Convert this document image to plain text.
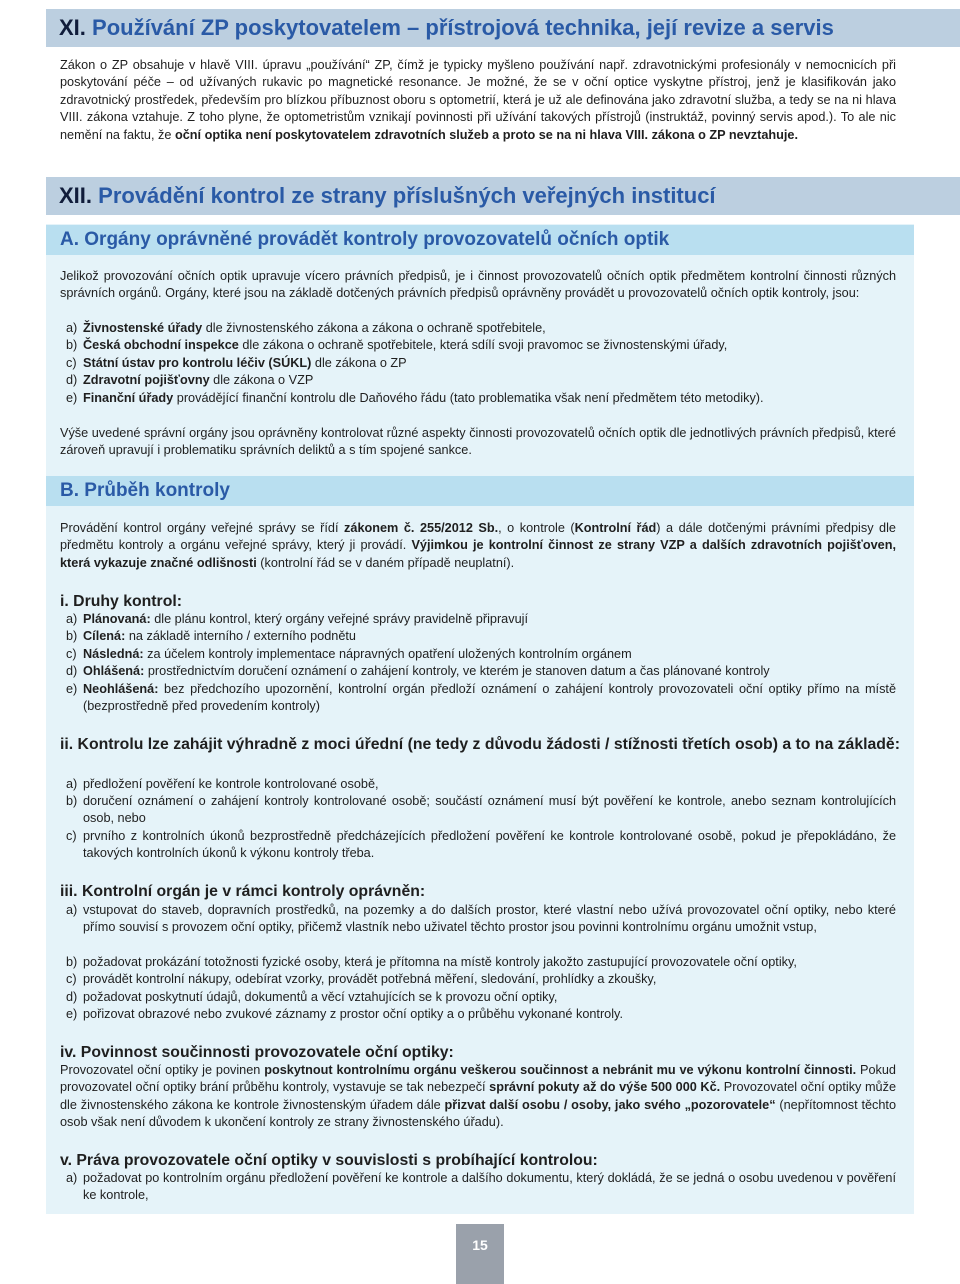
XI. Používání ZP poskytovatelem – přístrojová technika, její revize a servis
Zákon o ZP obsahuje v hlavě VIII. úpravu „používání“ ZP, čímž je typicky myšleno používání např. zdravotnickými profesionály v nemocnicích při poskytování péče – od užívaných rukavic po magnetické resonance. Je možné, že se v oční optice vyskytne přístroj, jenž je klasifikován jako zdravotnický prostředek, především pro blízkou příbuznost oboru s optometrií, která je už ale definována jako zdravotní služba, a tedy se na ni hlava VIII. zákona vztahuje. Z toho plyne, že optometristům vznikají povinnosti při užívání takových přístrojů (instruktáž, povinný servis apod.). To ale nic nemění na faktu, že oční optika není poskytovatelem zdravotních služeb a proto se na ni hlava VIII. zákona o ZP nevztahuje.
XII. Provádění kontrol ze strany příslušných veřejných institucí
A. Orgány oprávněné provádět kontroly provozovatelů očních optik
Jelikož provozování očních optik upravuje vícero právních předpisů, je i činnost provozovatelů očních optik předmětem kontrolní činnosti různých správních orgánů. Orgány, které jsou na základě dotčených právních předpisů oprávněny provádět u provozovatelů očních optik kontroly, jsou:
a) Živnostenské úřady dle živnostenského zákona a zákona o ochraně spotřebitele,
b) Česká obchodní inspekce dle zákona o ochraně spotřebitele, která sdílí svoji pravomoc se živnostenskými úřady,
c) Státní ústav pro kontrolu léčiv (SÚKL) dle zákona o ZP
d) Zdravotní pojišťovny dle zákona o VZP
e) Finanční úřady provádějící finanční kontrolu dle Daňového řádu (tato problematika však není předmětem této metodiky).
Výše uvedené správní orgány jsou oprávněny kontrolovat různé aspekty činnosti provozovatelů očních optik dle jednotlivých právních předpisů, které zároveň upravují i problematiku správních deliktů a s tím spojené sankce.
B. Průběh kontroly
Provádění kontrol orgány veřejné správy se řídí zákonem č. 255/2012 Sb., o kontrole (Kontrolní řád) a dále dotčenými právními předpisy dle předmětu kontroly a orgánu veřejné správy, který ji provádí. Výjimkou je kontrolní činnost ze strany VZP a dalších zdravotních pojišťoven, která vykazuje značné odlišnosti (kontrolní řád se v daném případě neuplatní).
i. Druhy kontrol:
a) Plánovaná: dle plánu kontrol, který orgány veřejné správy pravidelně připravují
b) Cílená: na základě interního / externího podnětu
c) Následná: za účelem kontroly implementace nápravných opatření uložených kontrolním orgánem
d) Ohlášená: prostřednictvím doručení oznámení o zahájení kontroly, ve kterém je stanoven datum a čas plánované kontroly
e) Neohlášená: bez předchozího upozornění, kontrolní orgán předloží oznámení o zahájení kontroly provozovateli oční optiky přímo na místě (bezprostředně před provedením kontroly)
ii. Kontrolu lze zahájit výhradně z moci úřední (ne tedy z důvodu žádosti / stížnosti třetích osob) a to na základě:
a) předložení pověření ke kontrole kontrolované osobě,
b) doručení oznámení o zahájení kontroly kontrolované osobě; součástí oznámení musí být pověření ke kontrole, anebo seznam kontrolujících osob, nebo
c) prvního z kontrolních úkonů bezprostředně předcházejících předložení pověření ke kontrole kontrolované osobě, pokud je přepokládáno, že takových kontrolních úkonů k výkonu kontroly třeba.
iii. Kontrolní orgán je v rámci kontroly oprávněn:
a) vstupovat do staveb, dopravních prostředků, na pozemky a do dalších prostor, které vlastní nebo užívá provozovatel oční optiky, nebo které přímo souvisí s provozem oční optiky, přičemž vlastník nebo uživatel těchto prostor jsou povinni kontrolnímu orgánu umožnit vstup,
b) požadovat prokázání totožnosti fyzické osoby, která je přítomna na místě kontroly jakožto zastupující provozovatele oční optiky,
c) provádět kontrolní nákupy, odebírat vzorky, provádět potřebná měření, sledování, prohlídky a zkoušky,
d) požadovat poskytnutí údajů, dokumentů a věcí vztahujících se k provozu oční optiky,
e) pořizovat obrazové nebo zvukové záznamy z prostor oční optiky a o průběhu vykonané kontroly.
iv. Povinnost součinnosti provozovatele oční optiky:
Provozovatel oční optiky je povinen poskytnout kontrolnímu orgánu veškerou součinnost a nebránit mu ve výkonu kontrolní činnosti. Pokud provozovatel oční optiky brání průběhu kontroly, vystavuje se tak nebezpečí správní pokuty až do výše 500 000 Kč. Provozovatel oční optiky může dle živnostenského zákona ke kontrole živnostenským úřadem dále přizvat další osobu / osoby, jako svého „pozorovatele“ (nepřítomnost těchto osob však není důvodem k ukončení kontroly ze strany živnostenského úřadu).
v. Práva provozovatele oční optiky v souvislosti s probíhající kontrolou:
a) požadovat po kontrolním orgánu předložení pověření ke kontrole a dalšího dokumentu, který dokládá, že se jedná o osobu uvedenou v pověření ke kontrole,
15
